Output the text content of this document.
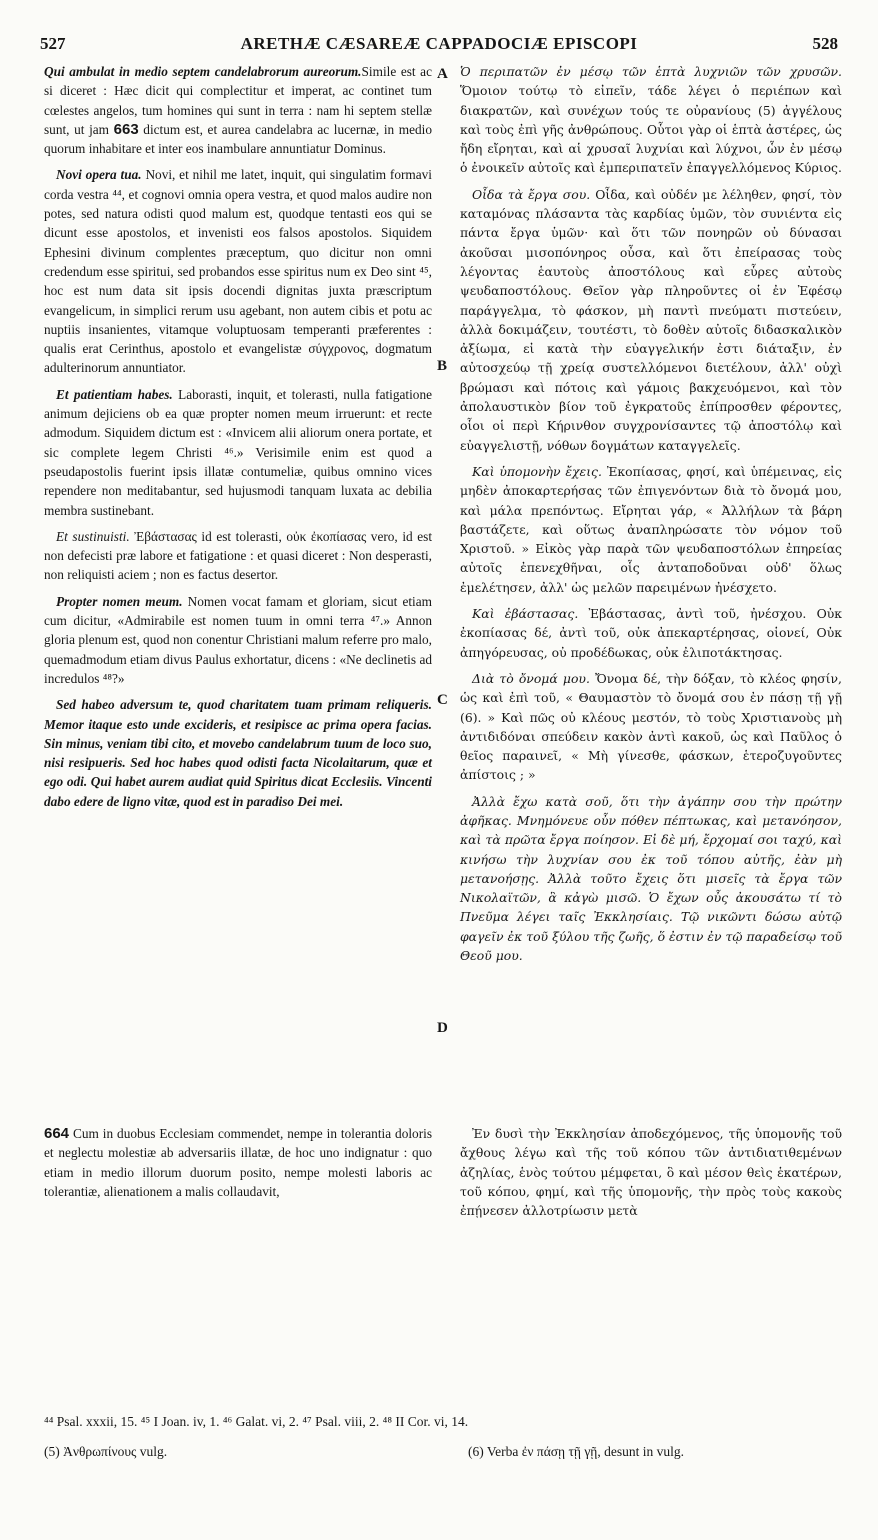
527	ARETHÆ CÆSAREÆ CAPPADOCIÆ EPISCOPI	528
A
B
C
D

Qui ambulat in medio septem candelabrorum aureorum.Simile est ac si diceret : Hæc dicit qui complectitur et imperat, ac continet tum cœlestes angelos, tum homines qui sunt in terra : nam hi septem stellæ sunt, ut jam 663 dictum est, et aurea candelabra ac lucernæ, in medio quorum inhabitare et inter eos inambulare annuntiatur Dominus.

Novi opera tua. Novi, et nihil me latet, inquit, qui singulatim formavi corda vestra ⁴⁴, et cognovi omnia opera vestra, et quod malos audire non potes, sed natura odisti quod malum est, quodque tentasti eos qui se dicunt esse apostolos, et invenisti eos falsos apostolos. Siquidem Ephesini divinum complentes præceptum, quo dicitur non omni credendum esse spiritui, sed probandos esse spiritus num ex Deo sint ⁴⁵, hoc est num data sit ipsis docendi dignitas juxta præscriptum evangelicum, in simplici rerum usu agebant, non autem cibis et potu ac nuptiis insanientes, vitamque voluptuosam temperanti præferentes : qualis erat Cerinthus, apostolo et evangelistæ σύγχρονος, dogmatum adulterinorum annuntiator.

Et patientiam habes. Laborasti, inquit, et tolerasti, nulla fatigatione animum dejiciens ob ea quæ propter nomen meum irruerunt: et recte admodum. Siquidem dictum est : «Invicem alii aliorum onera portate, et sic complete legem Christi ⁴⁶.» Verisimile enim est quod a pseudapostolis fuerint ipsis illatæ contumeliæ, quibus omnino vices rependere non meditabantur, sed hujusmodi tanquam luxata ac debilia membra sustinebant.

Et sustinuisti. Ἐβάστασας id est tolerasti, οὐκ ἐκοπίασας vero, id est non defecisti præ labore et fatigatione : et quasi diceret : Non desperasti, non reliquisti aciem ; non es factus desertor.

Propter nomen meum. Nomen vocat famam et gloriam, sicut etiam cum dicitur, «Admirabile est nomen tuum in omni terra ⁴⁷.» Annon gloria plenum est, quod non conentur Christiani malum referre pro malo, quemadmodum etiam divus Paulus exhortatur, dicens : «Ne declinetis ad incredulos ⁴⁸?»

Sed habeo adversum te, quod charitatem tuam primam reliqueris. Memor itaque esto unde excideris, et resipisce ac prima opera facias. Sin minus, veniam tibi cito, et movebo candelabrum tuum de loco suo, nisi resipueris. Sed hoc habes quod odisti facta Nicolaitarum, quæ et ego odi. Qui habet aurem audiat quid Spiritus dicat Ecclesiis. Vincenti dabo edere de ligno vitæ, quod est in paradiso Dei mei.

664 Cum in duobus Ecclesiam commendet, nempe in tolerantia doloris et neglectu molestiæ ab adversariis illatæ, de hoc uno indignatur : quo etiam in medio illorum duorum posito, nempe molesti laboris ac tolerantiæ, alienationem a malis collaudavit,

Ὁ περιπατῶν ἐν μέσῳ τῶν ἑπτὰ λυχνιῶν τῶν χρυσῶν. Ὅμοιον τούτῳ τὸ εἰπεῖν, τάδε λέγει ὁ περιέπων καὶ διακρατῶν, καὶ συνέχων τούς τε οὐρανίους (5) ἀγγέλους καὶ τοὺς ἐπὶ γῆς ἀνθρώπους. Οὗτοι γὰρ οἱ ἑπτὰ ἀστέρες, ὡς ἤδη εἴρηται, καὶ αἱ χρυσαῖ λυχνίαι καὶ λύχνοι, ὧν ἐν μέσῳ ὁ ἐνοικεῖν αὐτοῖς καὶ ἐμπεριπατεῖν ἐπαγγελλόμενος Κύριος.

Οἶδα τὰ ἔργα σου. Οἶδα, καὶ οὐδέν με λέληθεν, φησί, τὸν καταμόνας πλάσαντα τὰς καρδίας ὑμῶν, τὸν συνιέντα εἰς πάντα ἔργα ὑμῶν· καὶ ὅτι τῶν πονηρῶν οὐ δύνασαι ἀκοῦσαι μισοπόνηρος οὖσα, καὶ ὅτι ἐπείρασας τοὺς λέγοντας ἑαυτοὺς ἀποστόλους καὶ εὗρες αὐτοὺς ψευδαποστόλους. Θεῖον γὰρ πληροῦντες οἱ ἐν Ἐφέσῳ παράγγελμα, τὸ φάσκον, μὴ παντὶ πνεύματι πιστεύειν, ἀλλὰ δοκιμάζειν, τουτέστι, τὸ δοθὲν αὐτοῖς διδασκαλικὸν ἀξίωμα, εἰ κατὰ τὴν εὐαγγελικήν ἐστι διάταξιν, ἐν αὐτοσχεύῳ τῇ χρείᾳ συστελλόμενοι διετέλουν, ἀλλ' οὐχὶ βρώμασι καὶ πότοις καὶ γάμοις βακχευόμενοι, καὶ τὸν ἀπολαυστικὸν βίον τοῦ ἐγκρατοῦς ἐπίπροσθεν φέροντες, οἷοι οἱ περὶ Κήρινθον συγχρονίσαντες τῷ ἀποστόλῳ καὶ εὐαγγελιστῇ, νόθων δογμάτων καταγγελεῖς.

Καὶ ὑπομονὴν ἔχεις. Ἐκοπίασας, φησί, καὶ ὑπέμεινας, εἰς μηδὲν ἀποκαρτερήσας τῶν ἐπιγενόντων διὰ τὸ ὄνομά μου, καὶ μάλα πρεπόντως. Εἴρηται γάρ, « Ἀλλήλων τὰ βάρη βαστάζετε, καὶ οὕτως ἀναπληρώσατε τὸν νόμον τοῦ Χριστοῦ. » Εἰκὸς γὰρ παρὰ τῶν ψευδαποστόλων ἐπηρείας αὐτοῖς ἐπενεχθῆναι, οἷς ἀνταποδοῦναι οὐδ' ὅλως ἐμελέτησεν, ἀλλ' ὡς μελῶν παρειμένων ἠνέσχετο.

Καὶ ἐβάστασας. Ἐβάστασας, ἀντὶ τοῦ, ἠνέσχου. Οὐκ ἐκοπίασας δέ, ἀντὶ τοῦ, οὐκ ἀπεκαρτέρησας, οἱονεί, Οὐκ ἀπηγόρευσας, οὐ προδέδωκας, οὐκ ἐλιποτάκτησας.

Διὰ τὸ ὄνομά μου. Ὄνομα δέ, τὴν δόξαν, τὸ κλέος φησίν, ὡς καὶ ἐπὶ τοῦ, « Θαυμαστὸν τὸ ὄνομά σου ἐν πάσῃ τῇ γῇ (6). » Καὶ πῶς οὐ κλέους μεστόν, τὸ τοὺς Χριστιανοὺς μὴ ἀντιδιδόναι σπεύδειν κακὸν ἀντὶ κακοῦ, ὡς καὶ Παῦλος ὁ θεῖος παραινεῖ, « Μὴ γίνεσθε, φάσκων, ἑτεροζυγοῦντες ἀπίστοις ; »

Ἀλλὰ ἔχω κατὰ σοῦ, ὅτι τὴν ἀγάπην σου τὴν πρώτην ἀφῆκας. Μνημόνευε οὖν πόθεν πέπτωκας, καὶ μετανόησον, καὶ τὰ πρῶτα ἔργα ποίησον. Εἰ δὲ μή, ἔρχομαί σοι ταχύ, καὶ κινήσω τὴν λυχνίαν σου ἐκ τοῦ τόπου αὐτῆς, ἐὰν μὴ μετανοήσῃς. Ἀλλὰ τοῦτο ἔχεις ὅτι μισεῖς τὰ ἔργα τῶν Νικολαϊτῶν, ἃ κἀγὼ μισῶ. Ὁ ἔχων οὖς ἀκουσάτω τί τὸ Πνεῦμα λέγει ταῖς Ἐκκλησίαις. Τῷ νικῶντι δώσω αὐτῷ φαγεῖν ἐκ τοῦ ξύλου τῆς ζωῆς, ὅ ἐστιν ἐν τῷ παραδείσῳ τοῦ Θεοῦ μου.

Ἐν δυσὶ τὴν Ἐκκλησίαν ἀποδεχόμενος, τῆς ὑπομονῆς τοῦ ἄχθους λέγω καὶ τῆς τοῦ κόπου τῶν ἀντιδιατιθεμένων ἀζηλίας, ἑνὸς τούτου μέμφεται, ὃ καὶ μέσον θεὶς ἑκατέρων, τοῦ κόπου, φημί, καὶ τῆς ὑπομονῆς, τὴν πρὸς τοὺς κακοὺς ἐπῄνεσεν ἀλλοτρίωσιν μετὰ

⁴⁴ Psal. xxxii, 15. ⁴⁵ I Joan. iv, 1. ⁴⁶ Galat. vi, 2. ⁴⁷ Psal. viii, 2. ⁴⁸ II Cor. vi, 14.
(5) Ἀνθρωπίνους vulg.	(6) Verba ἐν πάσῃ τῇ γῇ, desunt in vulg.
